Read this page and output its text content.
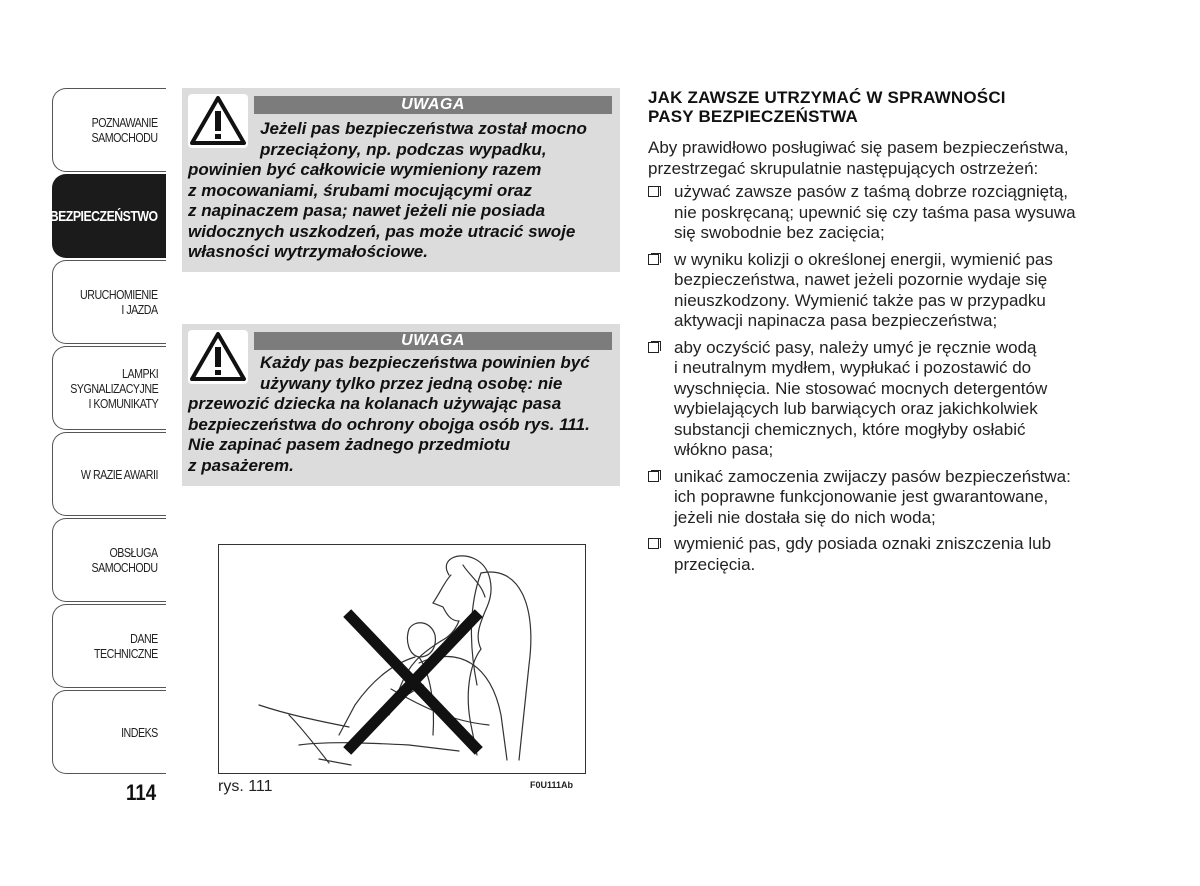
POZNAWANIE
SAMOCHODU
BEZPIECZEŃSTWO
URUCHOMIENIE
I JAZDA
LAMPKI
SYGNALIZACYJNE
I KOMUNIKATY
W RAZIE AWARII
OBSŁUGA
SAMOCHODU
DANE
TECHNICZNE
INDEKS
114
UWAGA
Jeżeli pas bezpieczeństwa został mocno
przeciążony, np. podczas wypadku,
powinien być całkowicie wymieniony razem
z mocowaniami, śrubami mocującymi oraz
z napinaczem pasa; nawet jeżeli nie posiada
widocznych uszkodzeń, pas może utracić swoje
własności wytrzymałościowe.
UWAGA
Każdy pas bezpieczeństwa powinien być
używany tylko przez jedną osobę: nie
przewozić dziecka na kolanach używając pasa
bezpieczeństwa do ochrony obojga osób rys. 111.
Nie zapinać pasem żadnego przedmiotu
z pasażerem.
rys. 111	F0U111Ab
JAK ZAWSZE UTRZYMAĆ W SPRAWNOŚCI
PASY BEZPIECZEŃSTWA
Aby prawidłowo posługiwać się pasem bezpieczeństwa,
przestrzegać skrupulatnie następujących ostrzeżeń:
używać zawsze pasów z taśmą dobrze rozciągniętą,
nie poskręcaną; upewnić się czy taśma pasa wysuwa
się swobodnie bez zacięcia;
w wyniku kolizji o określonej energii, wymienić pas
bezpieczeństwa, nawet jeżeli pozornie wydaje się
nieuszkodzony. Wymienić także pas w przypadku
aktywacji napinacza pasa bezpieczeństwa;
aby oczyścić pasy, należy umyć je ręcznie wodą
i neutralnym mydłem, wypłukać i pozostawić do
wyschnięcia. Nie stosować mocnych detergentów
wybielających lub barwiących oraz jakichkolwiek
substancji chemicznych, które mogłyby osłabić
włókno pasa;
unikać zamoczenia zwijaczy pasów bezpieczeństwa:
ich poprawne funkcjonowanie jest gwarantowane,
jeżeli nie dostała się do nich woda;
wymienić pas, gdy posiada oznaki zniszczenia lub
przecięcia.
